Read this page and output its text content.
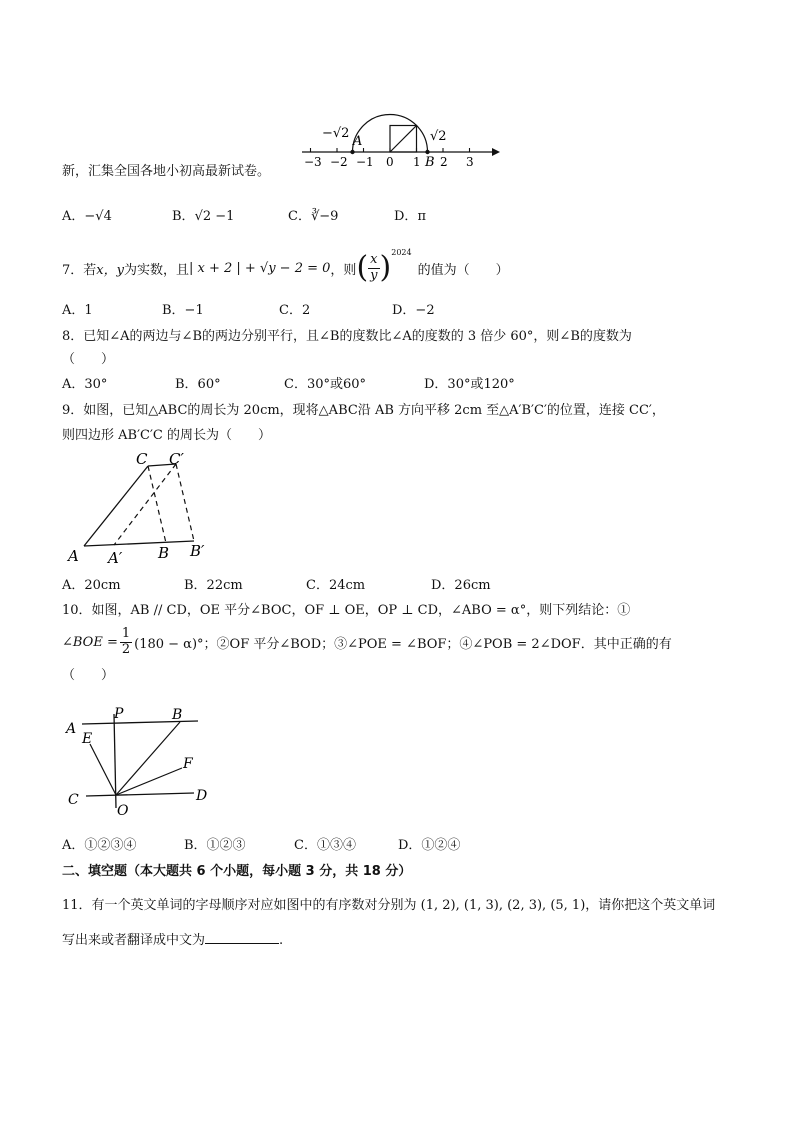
−√2
A
B
√2
−3 −2 −1 0 1 2 3
新，汇集全国各地小初高最新试卷。
A．−√4	B．√2 −1	C．∛−9	D．π
7．若 x，y 为实数，且 | x + 2 | + √y − 2 = 0 ，则 ( $\frac{x}{y}$ ) 2024
的值为（　　）
A．1	B．−1	C．2	D．−2
8．已知∠A的两边与∠B的两边分别平行，且∠B的度数比∠A的度数的 3 倍少 60°，则∠B的度数为
（　　）
A．30°	B．60°	C．30°或60°	D．30°或120°
9．如图，已知△ABC的周长为 20cm，现将△ABC沿 AB 方向平移 2cm 至△A′B′C′的位置，连接 CC′，
则四边形 AB′C′C 的周长为（　　）
C C′
A A′ B B′
A．20cm	B．22cm	C．24cm	D．26cm
10．如图，AB // CD，OE 平分∠BOC，OF ⊥ OE，OP ⊥ CD，∠ABO = α°，则下列结论：①
∠BOE = $\frac{1}{2} (180 - \alpha)^\circ$；②OF 平分∠BOD；③∠POE = ∠BOF；④∠POB = 2∠DOF．其中正确的有
（　　）
A
P	B
E
F
C
O
D
A．①②③④	B．①②③	C．①③④	D．①②④
二、填空题（本大题共 6 个小题，每小题 3 分，共 18 分）
11．有一个英文单词的字母顺序对应如图中的有序数对分别为 (1, 2), (1, 3), (2, 3), (5, 1)，请你把这个英文单词
写出来或者翻译成中文为	.
